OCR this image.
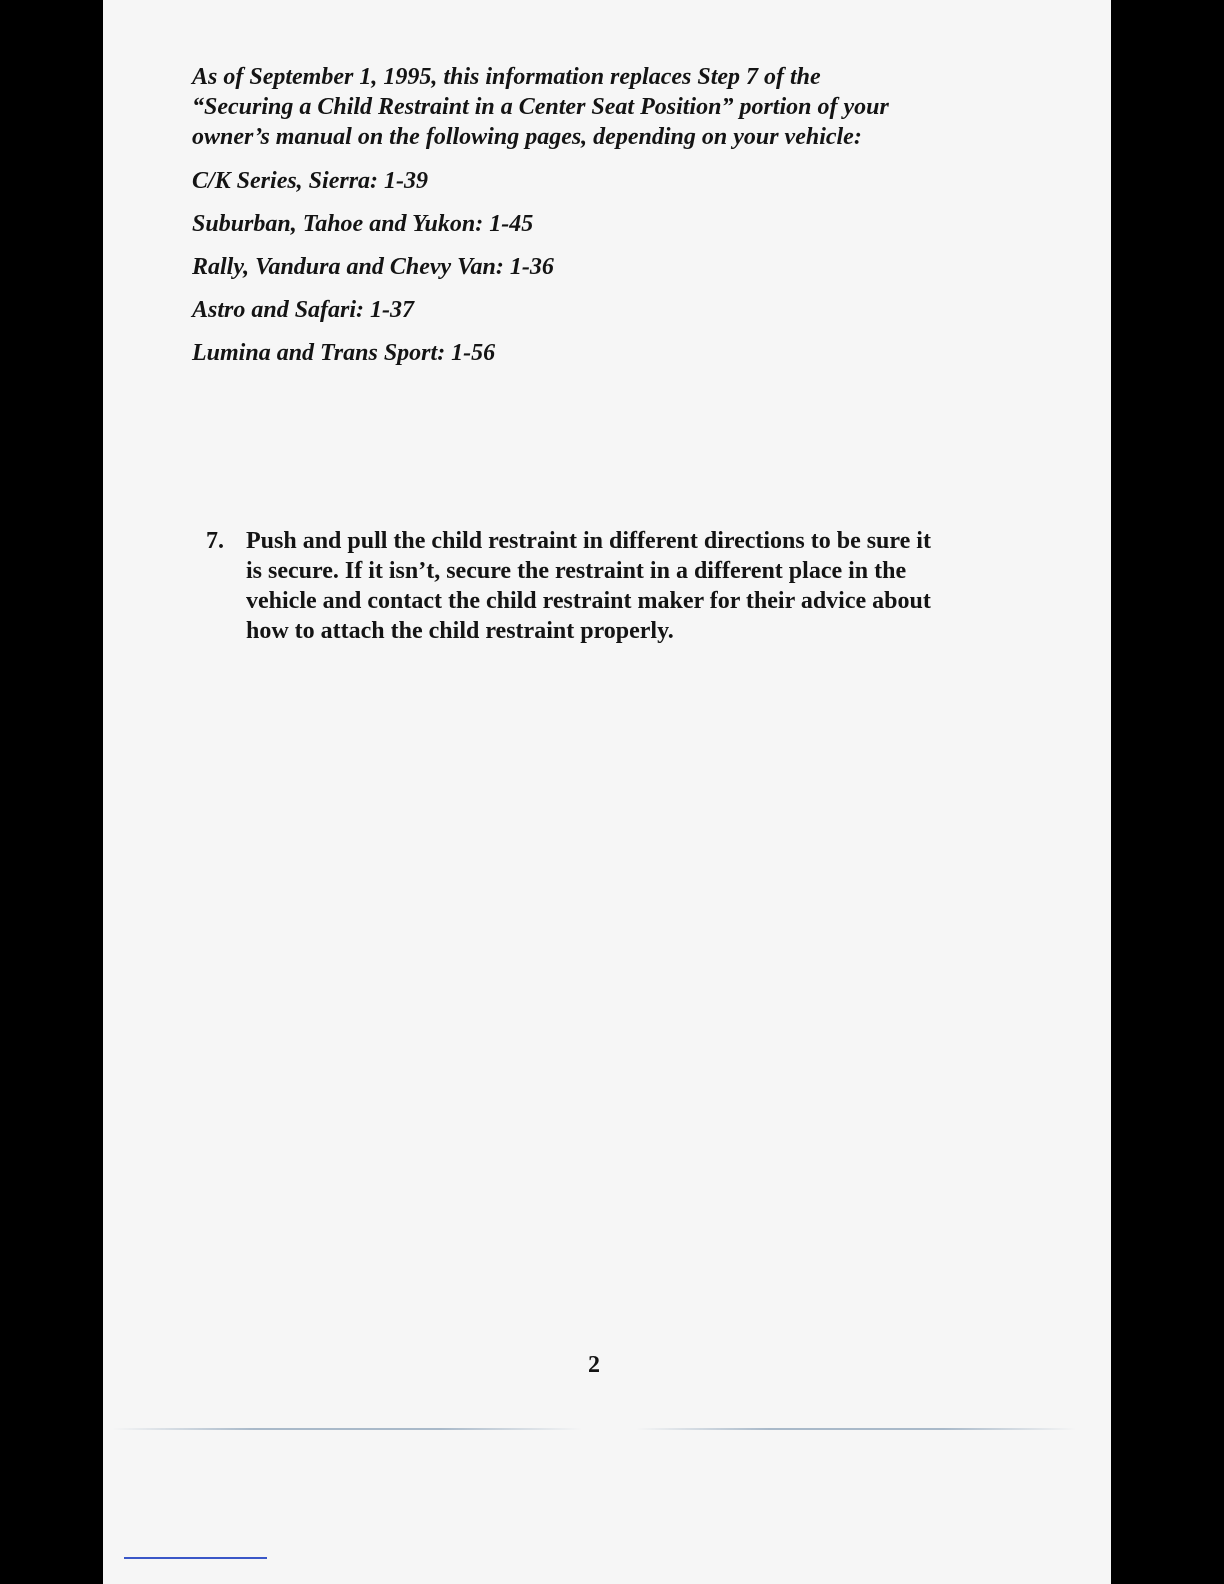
As of September 1, 1995, this information replaces Step 7 of the
“Securing a Child Restraint in a Center Seat Position” portion of your
owner’s manual on the following pages, depending on your vehicle:

C/K Series, Sierra: 1-39
Suburban, Tahoe and Yukon: 1-45
Rally, Vandura and Chevy Van: 1-36
Astro and Safari: 1-37
Lumina and Trans Sport: 1-56
7. Push and pull the child restraint in different directions to be sure it
is secure. If it isn’t, secure the restraint in a different place in the
vehicle and contact the child restraint maker for their advice about
how to attach the child restraint properly.
2
